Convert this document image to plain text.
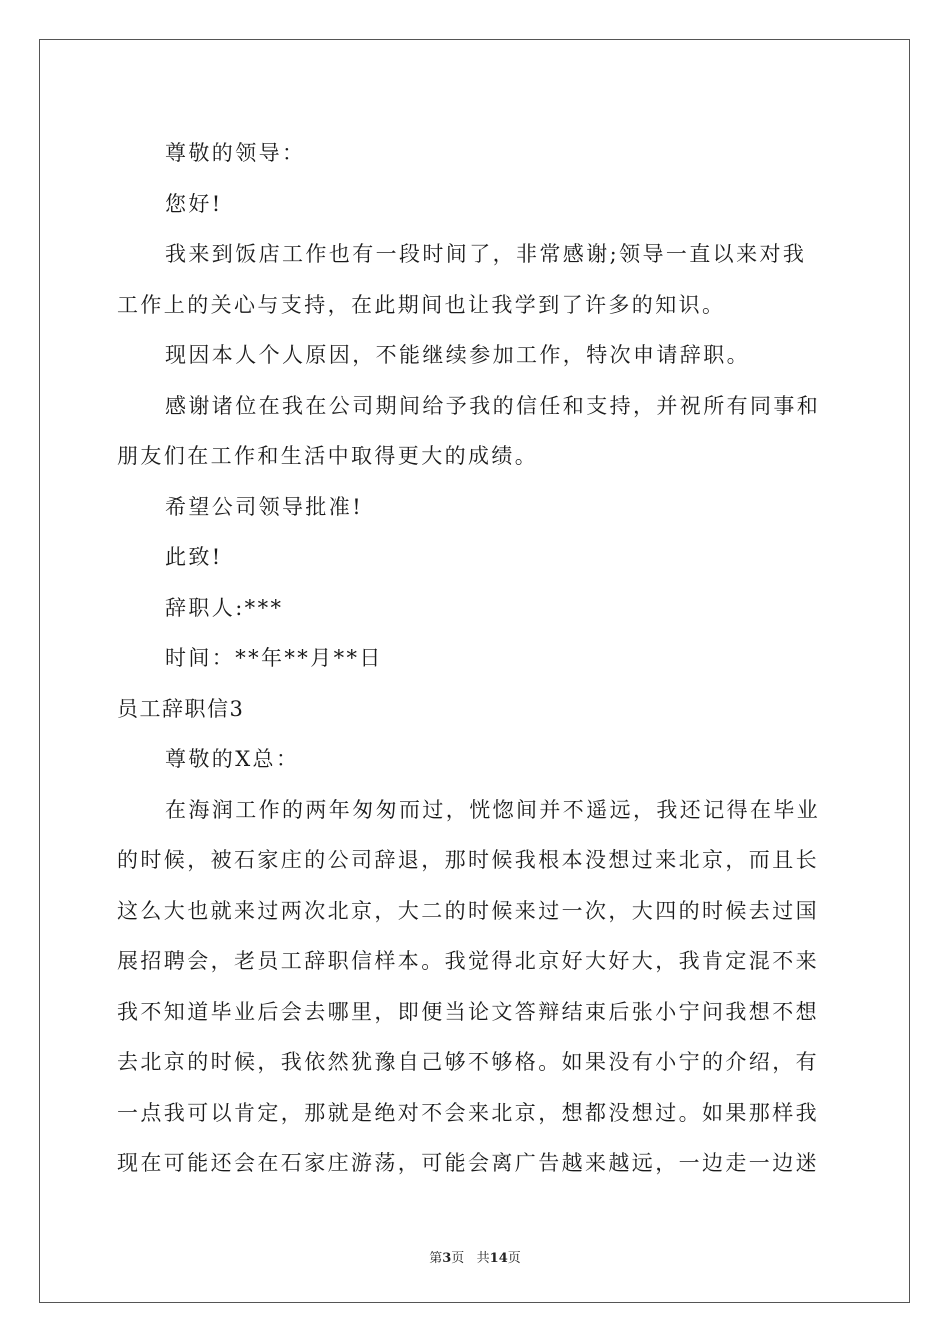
尊敬的领导：
您好!
我来到饭店工作也有一段时间了，非常感谢;领导一直以来对我
工作上的关心与支持，在此期间也让我学到了许多的知识。
现因本人个人原因，不能继续参加工作，特次申请辞职。
感谢诸位在我在公司期间给予我的信任和支持，并祝所有同事和
朋友们在工作和生活中取得更大的成绩。
希望公司领导批准!
此致!
辞职人:***
时间：**年**月**日
员工辞职信3
尊敬的X总：
在海润工作的两年匆匆而过，恍惚间并不遥远，我还记得在毕业
的时候，被石家庄的公司辞退，那时候我根本没想过来北京，而且长
这么大也就来过两次北京，大二的时候来过一次，大四的时候去过国
展招聘会，老员工辞职信样本。我觉得北京好大好大，我肯定混不来
我不知道毕业后会去哪里，即便当论文答辩结束后张小宁问我想不想
去北京的时候，我依然犹豫自己够不够格。如果没有小宁的介绍，有
一点我可以肯定，那就是绝对不会来北京，想都没想过。如果那样我
现在可能还会在石家庄游荡，可能会离广告越来越远，一边走一边迷
第3页   共14页
